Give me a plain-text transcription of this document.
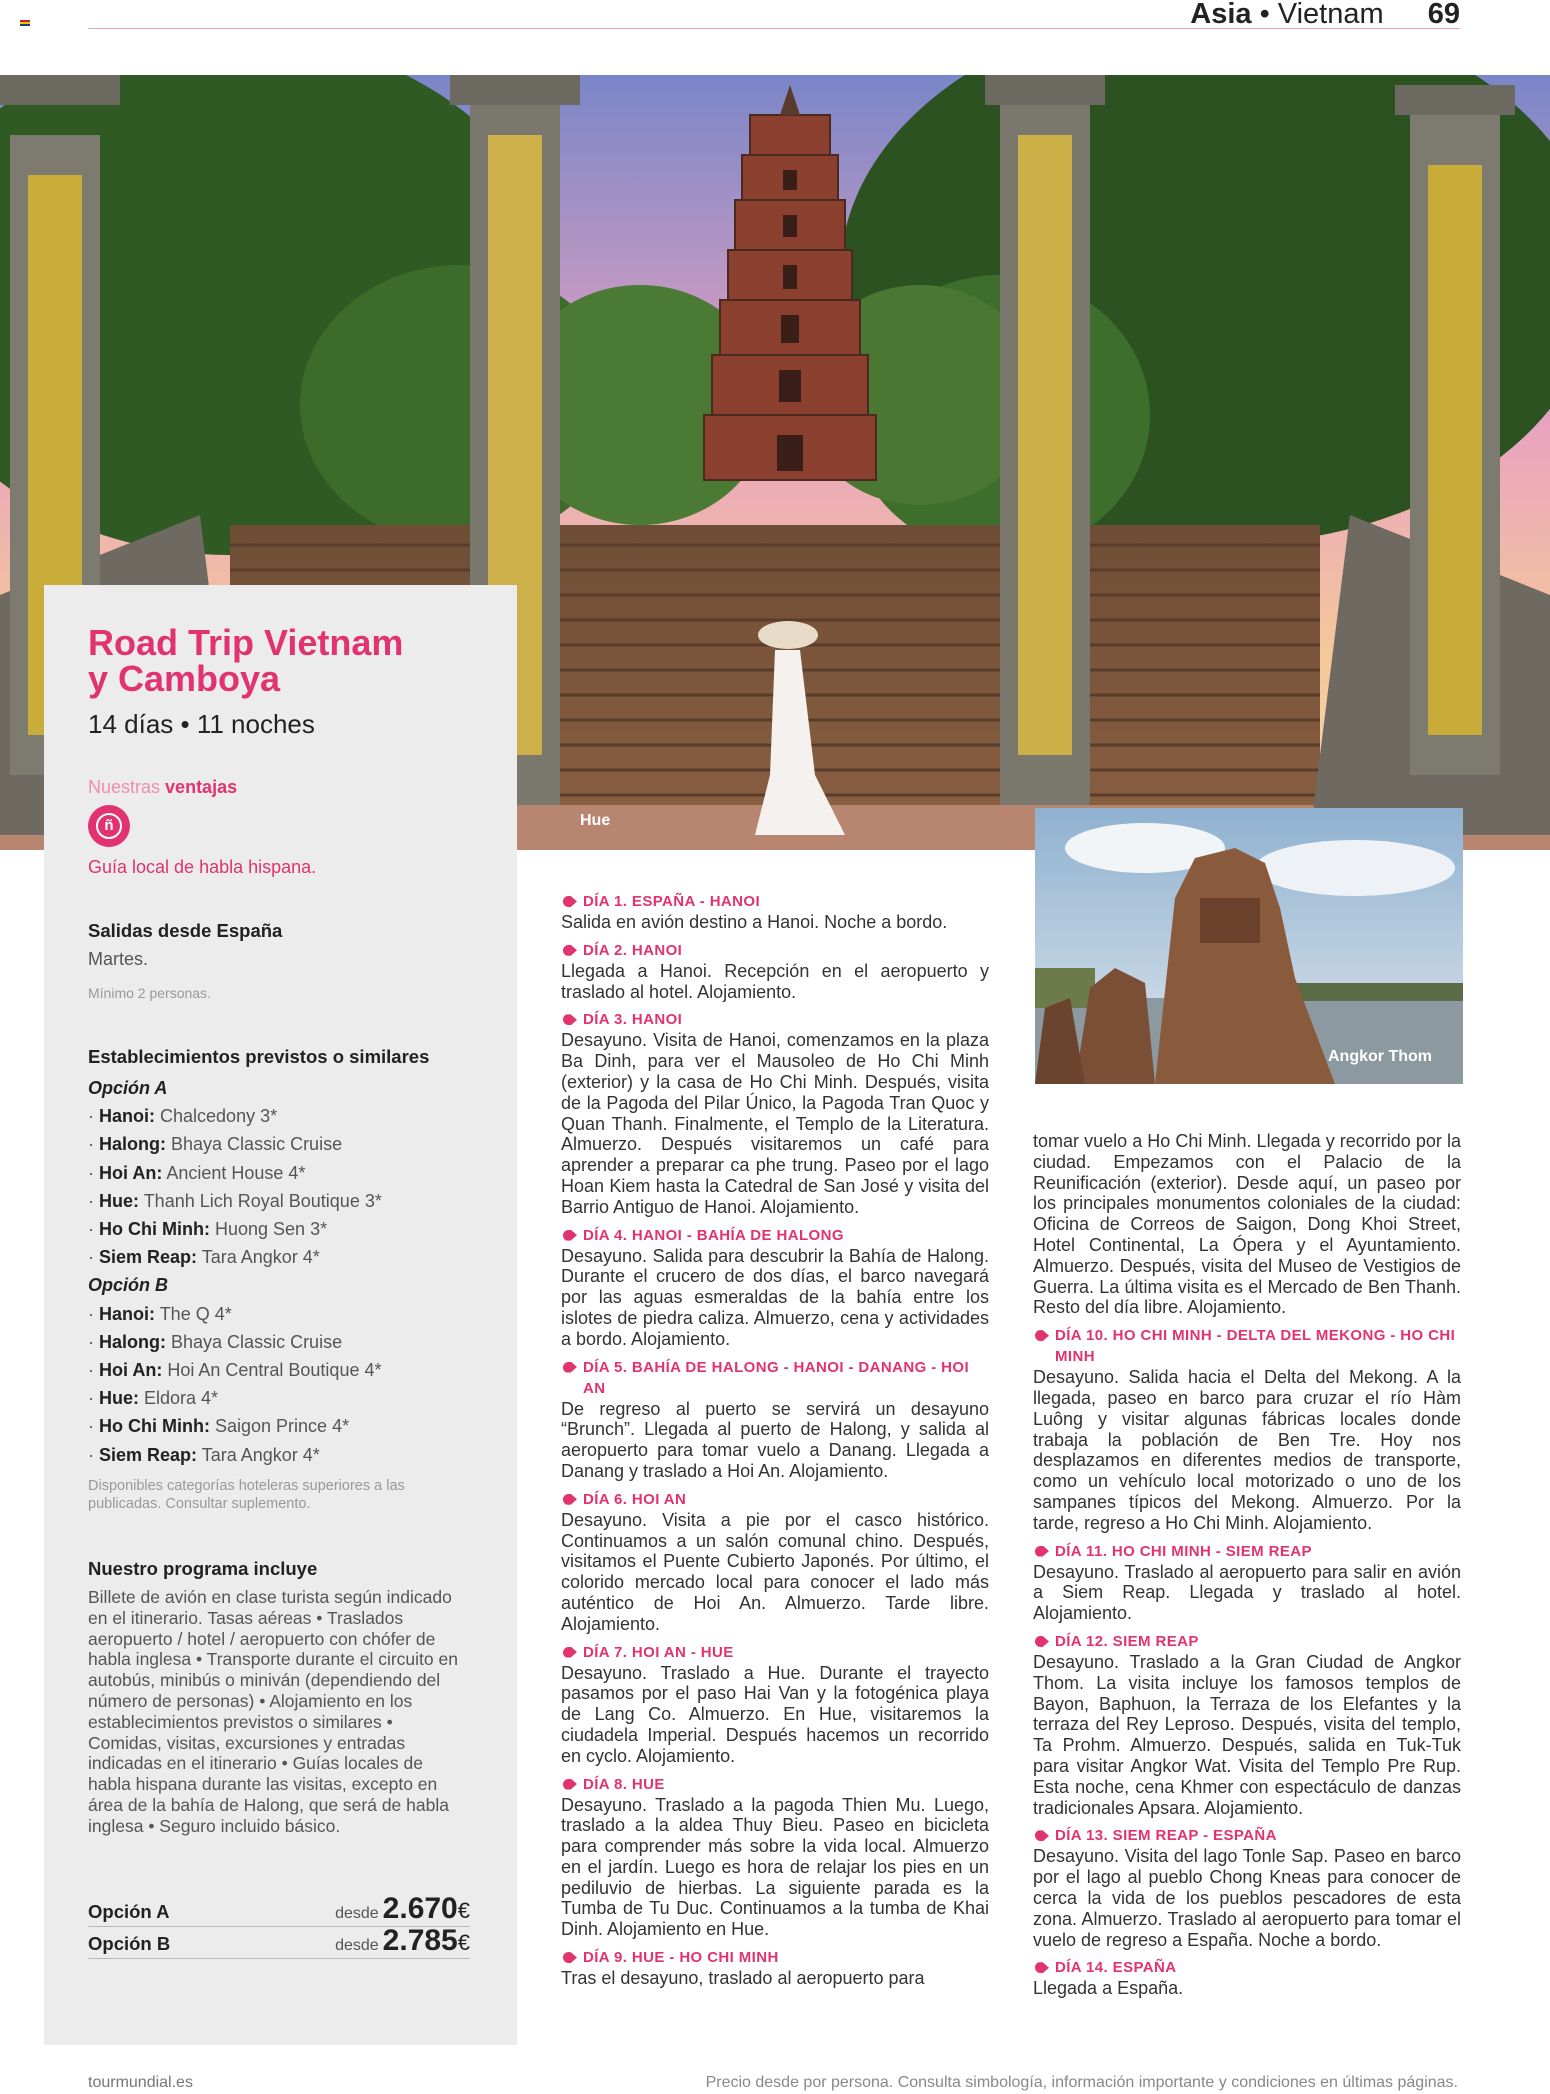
Asia • Vietnam 69
Hue
Road Trip Vietnam
y Camboya
14 días • 11 noches
Nuestras ventajas
ñ
Guía local de habla hispana.
Salidas desde España
Martes.
Mínimo 2 personas.
Establecimientos previstos o similares
Opción A
· Hanoi: Chalcedony 3*
· Halong: Bhaya Classic Cruise
· Hoi An: Ancient House 4*
· Hue: Thanh Lich Royal Boutique 3*
· Ho Chi Minh: Huong Sen 3*
· Siem Reap: Tara Angkor 4*
Opción B
· Hanoi: The Q 4*
· Halong: Bhaya Classic Cruise
· Hoi An: Hoi An Central Boutique 4*
· Hue: Eldora 4*
· Ho Chi Minh: Saigon Prince 4*
· Siem Reap: Tara Angkor 4*
Disponibles categorías hoteleras superiores a las publicadas. Consultar suplemento.
Nuestro programa incluye
Billete de avión en clase turista según indicado en el itinerario. Tasas aéreas • Traslados aeropuerto / hotel / aeropuerto con chófer de habla inglesa • Transporte durante el circuito en autobús, minibús o miniván (dependiendo del número de personas) • Alojamiento en los establecimientos previstos o similares • Comidas, visitas, excursiones y entradas indicadas en el itinerario • Guías locales de habla hispana durante las visitas, excepto en área de la bahía de Halong, que será de habla inglesa • Seguro incluido básico.
Opción A	desde 2.670€
Opción B	desde 2.785€
DÍA 1. ESPAÑA - HANOI

Salida en avión destino a Hanoi. Noche a bordo.

DÍA 2. HANOI

Llegada a Hanoi. Recepción en el aeropuerto y traslado al hotel. Alojamiento.

DÍA 3. HANOI

Desayuno. Visita de Hanoi, comenzamos en la plaza Ba Dinh, para ver el Mausoleo de Ho Chi Minh (exterior) y la casa de Ho Chi Minh. Después, visita de la Pagoda del Pilar Único, la Pagoda Tran Quoc y Quan Thanh. Finalmente, el Templo de la Literatura. Almuerzo. Después visitaremos un café para aprender a preparar ca phe trung. Paseo por el lago Hoan Kiem hasta la Catedral de San José y visita del Barrio Antiguo de Hanoi. Alojamiento.

DÍA 4. HANOI - BAHÍA DE HALONG

Desayuno. Salida para descubrir la Bahía de Halong. Durante el crucero de dos días, el barco navegará por las aguas esmeraldas de la bahía entre los islotes de piedra caliza. Almuerzo, cena y actividades a bordo. Alojamiento.

DÍA 5. BAHÍA DE HALONG - HANOI - DANANG - HOI AN

De regreso al puerto se servirá un desayuno “Brunch”. Llegada al puerto de Halong, y salida al aeropuerto para tomar vuelo a Danang. Llegada a Danang y traslado a Hoi An. Alojamiento.

DÍA 6. HOI AN

Desayuno. Visita a pie por el casco histórico. Continuamos a un salón comunal chino. Después, visitamos el Puente Cubierto Japonés. Por último, el colorido mercado local para conocer el lado más auténtico de Hoi An. Almuerzo. Tarde libre. Alojamiento.

DÍA 7. HOI AN - HUE

Desayuno. Traslado a Hue. Durante el trayecto pasamos por el paso Hai Van y la fotogénica playa de Lang Co. Almuerzo. En Hue, visitaremos la ciudadela Imperial. Después hacemos un recorrido en cyclo. Alojamiento.

DÍA 8. HUE

Desayuno. Traslado a la pagoda Thien Mu. Luego, traslado a la aldea Thuy Bieu. Paseo en bicicleta para comprender más sobre la vida local. Almuerzo en el jardín. Luego es hora de relajar los pies en un pediluvio de hierbas. La siguiente parada es la Tumba de Tu Duc. Continuamos a la tumba de Khai Dinh. Alojamiento en Hue.

DÍA 9. HUE - HO CHI MINH

Tras el desayuno, traslado al aeropuerto para

Angkor Thom

tomar vuelo a Ho Chi Minh. Llegada y recorrido por la ciudad. Empezamos con el Palacio de la Reunificación (exterior). Desde aquí, un paseo por los principales monumentos coloniales de la ciudad: Oficina de Correos de Saigon, Dong Khoi Street, Hotel Continental, La Ópera y el Ayuntamiento. Almuerzo. Después, visita del Museo de Vestigios de Guerra. La última visita es el Mercado de Ben Thanh. Resto del día libre. Alojamiento.

DÍA 10. HO CHI MINH - DELTA DEL MEKONG - HO CHI MINH

Desayuno. Salida hacia el Delta del Mekong. A la llegada, paseo en barco para cruzar el río Hàm Luông y visitar algunas fábricas locales donde trabaja la población de Ben Tre. Hoy nos desplazamos en diferentes medios de transporte, como un vehículo local motorizado o uno de los sampanes típicos del Mekong. Almuerzo. Por la tarde, regreso a Ho Chi Minh. Alojamiento.

DÍA 11. HO CHI MINH - SIEM REAP

Desayuno. Traslado al aeropuerto para salir en avión a Siem Reap. Llegada y traslado al hotel. Alojamiento.

DÍA 12. SIEM REAP

Desayuno. Traslado a la Gran Ciudad de Angkor Thom. La visita incluye los famosos templos de Bayon, Baphuon, la Terraza de los Elefantes y la terraza del Rey Leproso. Después, visita del templo, Ta Prohm. Almuerzo. Después, salida en Tuk-Tuk para visitar Angkor Wat. Visita del Templo Pre Rup. Esta noche, cena Khmer con espectáculo de danzas tradicionales Apsara. Alojamiento.

DÍA 13. SIEM REAP - ESPAÑA

Desayuno. Visita del lago Tonle Sap. Paseo en barco por el lago al pueblo Chong Kneas para conocer de cerca la vida de los pueblos pescadores de esta zona. Almuerzo. Traslado al aeropuerto para tomar el vuelo de regreso a España. Noche a bordo.

DÍA 14. ESPAÑA

Llegada a España.

tourmundial.es	Precio desde por persona. Consulta simbología, información importante y condiciones en últimas páginas.
